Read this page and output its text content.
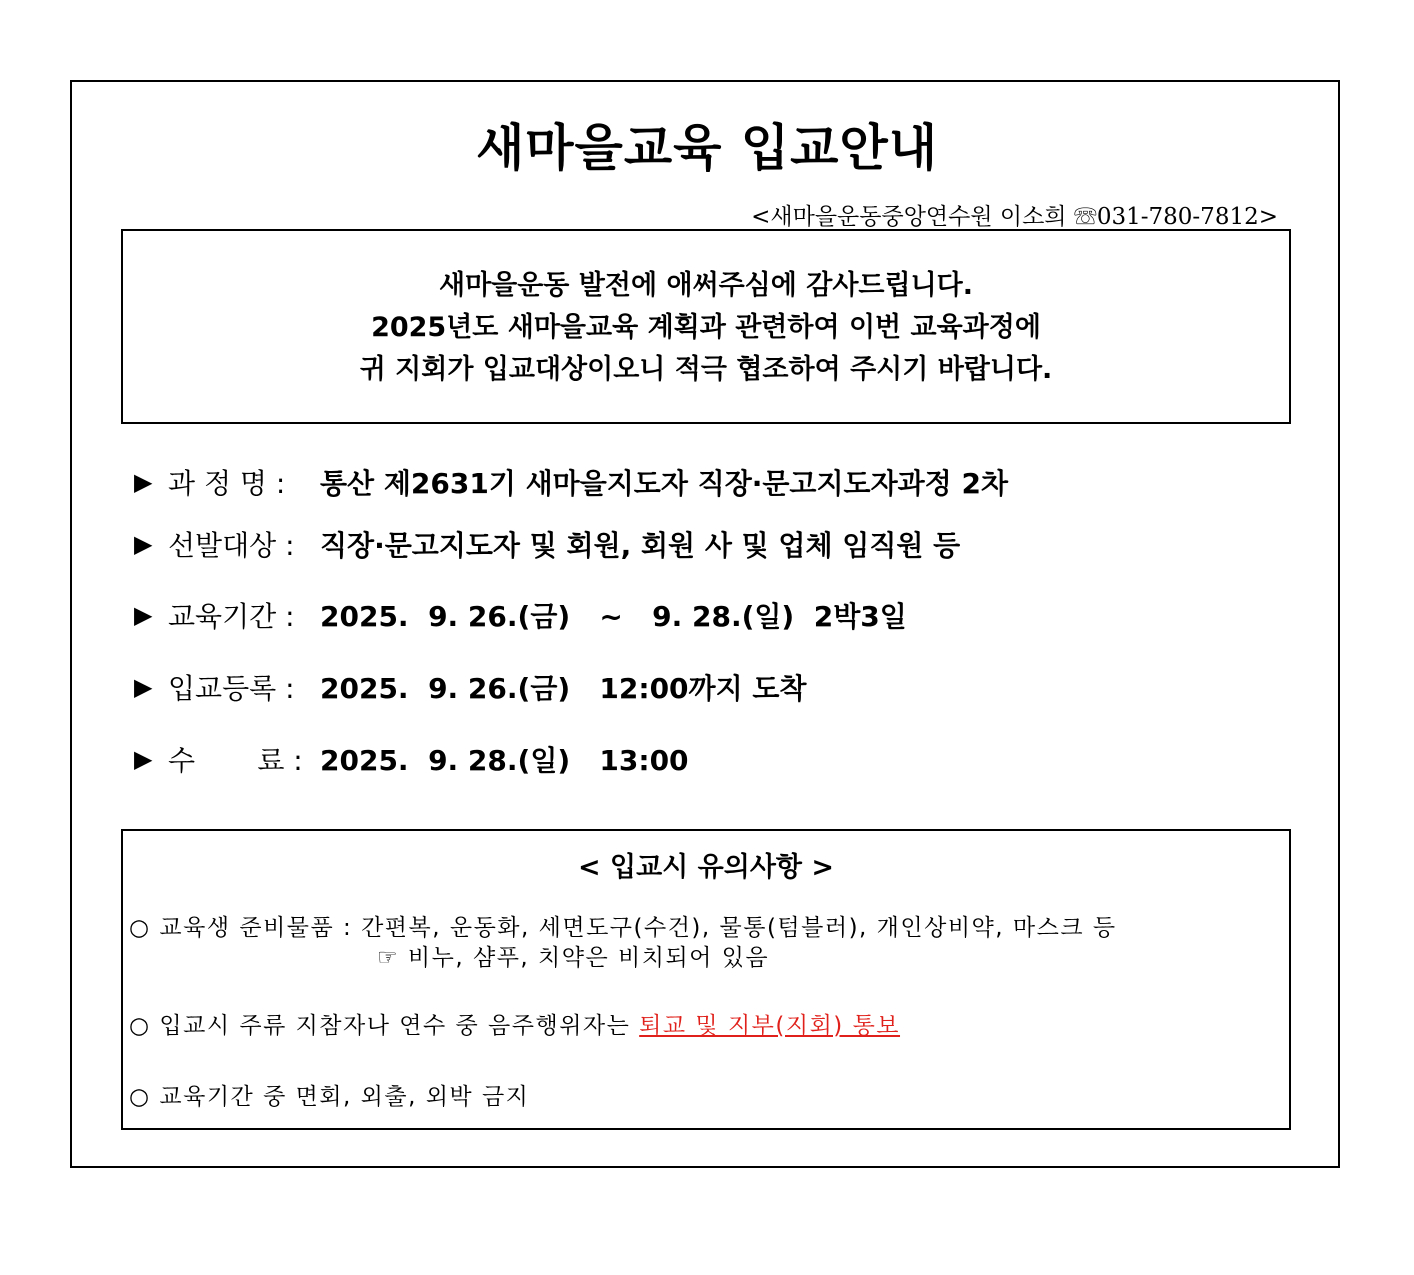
새마을교육 입교안내
<새마을운동중앙연수원 이소희 ☏031-780-7812>
새마을운동 발전에 애써주심에 감사드립니다.
2025년도 새마을교육 계획과 관련하여 이번 교육과정에
귀 지회가 입교대상이오니 적극 협조하여 주시기 바랍니다.
▶ 과 정 명 :	통산 제2631기 새마을지도자 직장·문고지도자과정 2차
▶ 선발대상 : 직장·문고지도자 및 회원, 회원 사 및 업체 임직원 등
▶ 교육기간 : 2025.  9. 26.(금)   ~   9. 28.(일)  2박3일
▶ 입교등록 : 2025.  9. 26.(금)   12:00까지 도착
▶ 수       료 : 2025.  9. 28.(일)   13:00
< 입교시 유의사항 >
○ 교육생 준비물품 : 간편복, 운동화, 세면도구(수건), 물통(텀블러), 개인상비약, 마스크 등
☞ 비누, 샴푸, 치약은 비치되어 있음
○ 입교시 주류 지참자나 연수 중 음주행위자는 퇴교 및 지부(지회) 통보
○ 교육기간 중 면회, 외출, 외박 금지
